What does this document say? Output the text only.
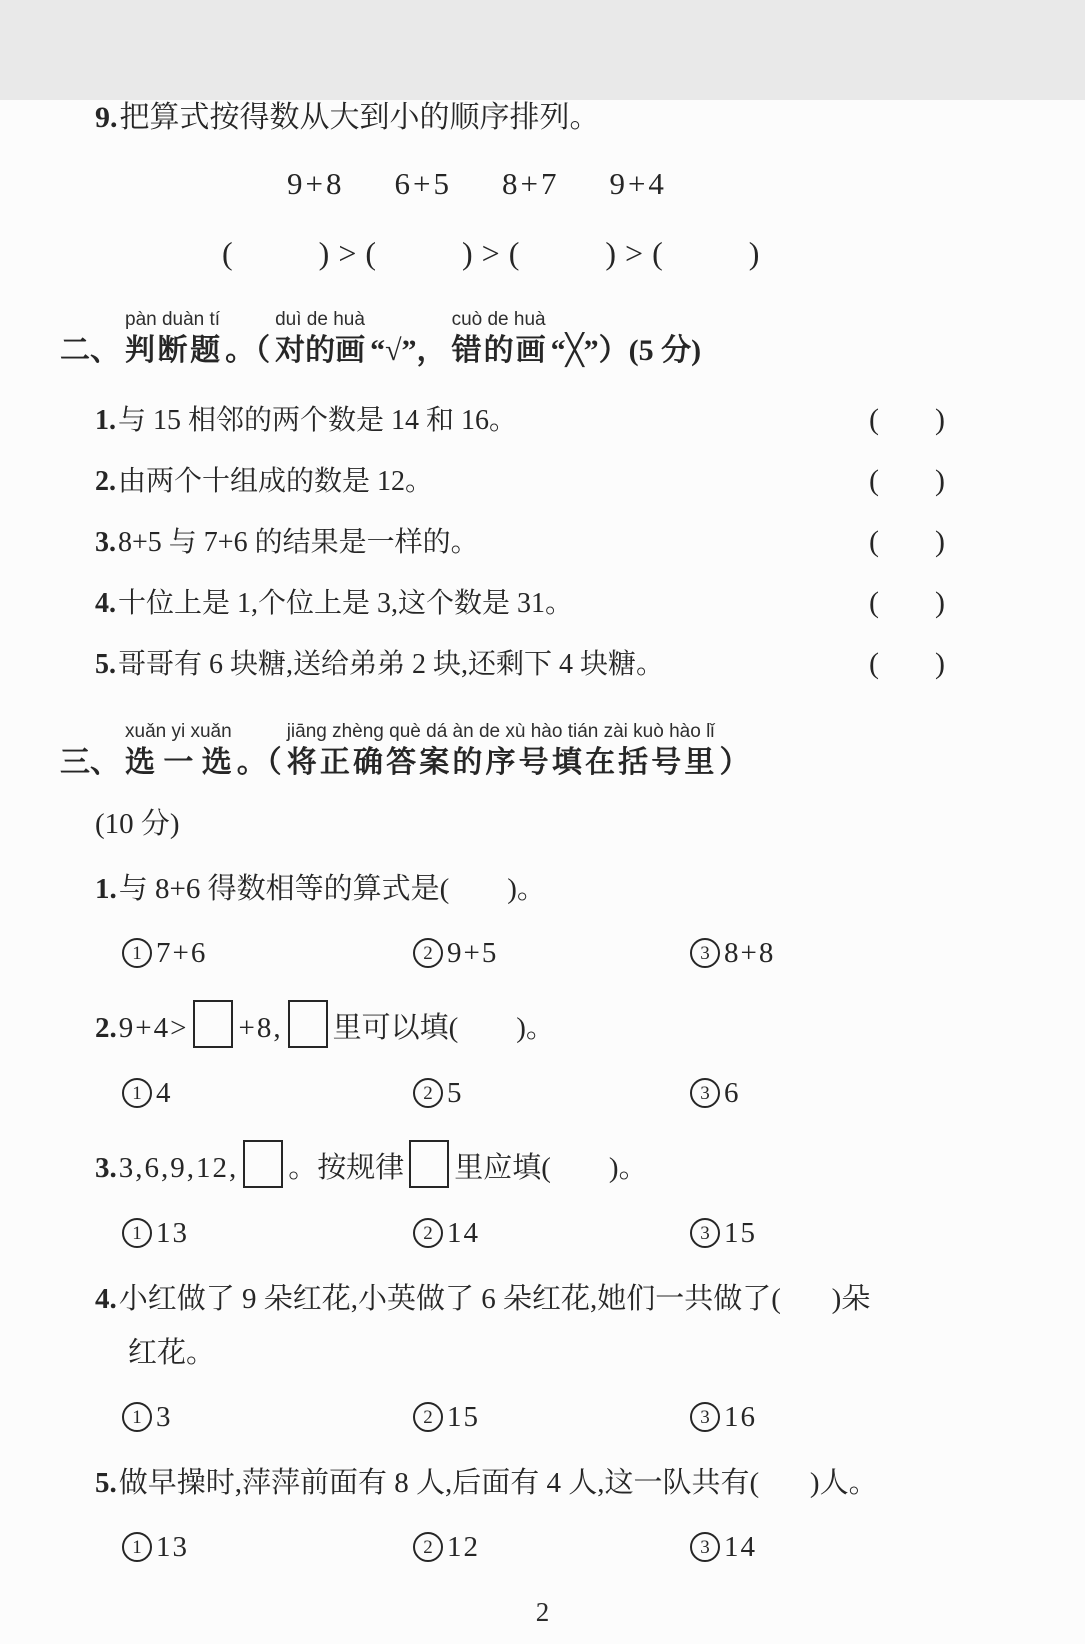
9.把算式按得数从大到小的顺序排列。
9+8 6+5 8+7 9+4
(	) > (	) > (	) > (	)
二、
pàn duàn tí
判 断 题 。（
duì de huà
对 的 画 “√”，
cuò de huà
错 的 画 “╳”）(5 分)
1.与 15 相邻的两个数是 14 和 16。	( )
2.由两个十组成的数是 12。	( )
3.8+5 与 7+6 的结果是一样的。	( )
4.十位上是 1,个位上是 3,这个数是 31。	( )
5.哥哥有 6 块糖,送给弟弟 2 块,还剩下 4 块糖。	( )
三、
xuǎn yi xuǎn
选 一 选 。（
jiāng zhèng què dá àn de xù hào tián zài kuò hào lǐ
将 正 确 答 案 的 序 号 填 在 括 号 里 ）
(10 分)
1.与 8+6 得数相等的算式是(        )。
1 7+6	2 9+5	3 8+8
2.9+4> +8, 里可以填(        )。
1 4	2 5	3 6
3.3,6,9,12, 。按规律 里应填(        )。
1 13	2 14	3 15
4.小红做了 9 朵红花,小英做了 6 朵红花,她们一共做了(       )朵
红花。
1 3	2 15	3 16
5.做早操时,萍萍前面有 8 人,后面有 4 人,这一队共有(       )人。
1 13	2 12	3 14
2
